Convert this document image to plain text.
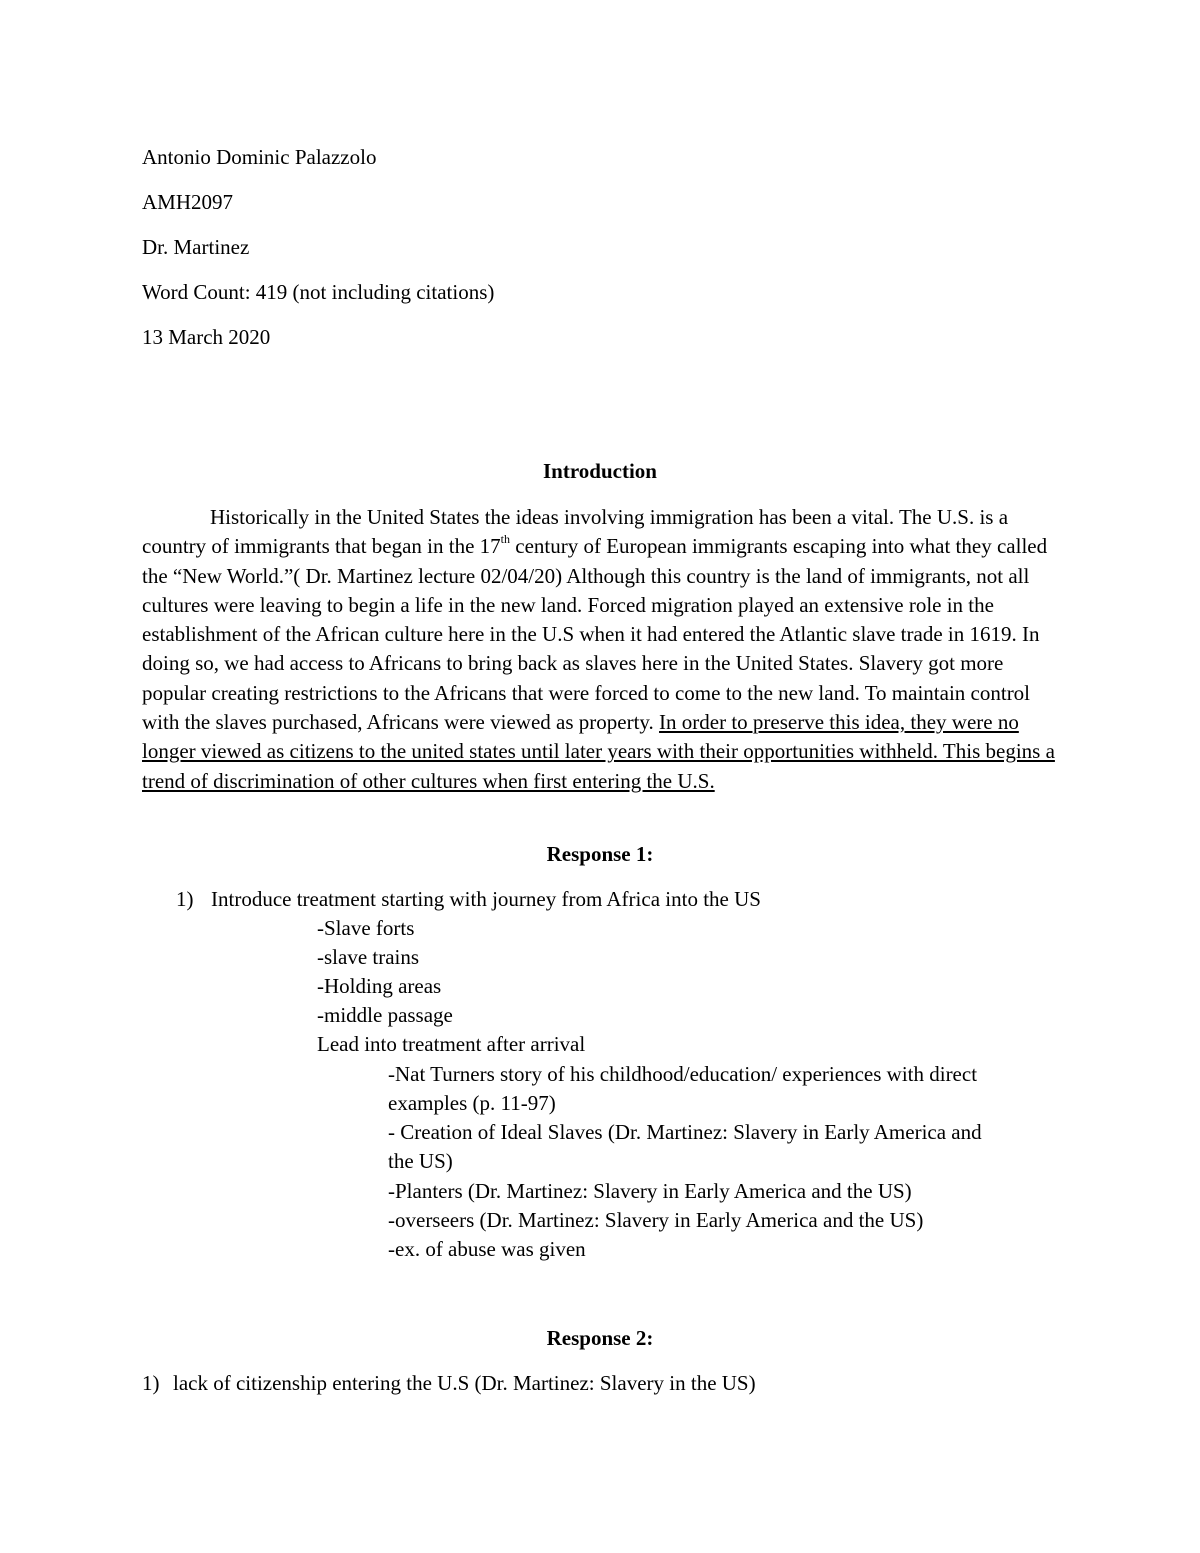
Antonio Dominic Palazzolo

AMH2097

Dr. Martinez

Word Count: 419 (not including citations)

13 March 2020

Introduction

Historically in the United States the ideas involving immigration has been a vital. The U.S. is a country of immigrants that began in the 17th century of European immigrants escaping into what they called the “New World.”( Dr. Martinez lecture 02/04/20) Although this country is the land of immigrants, not all cultures were leaving to begin a life in the new land. Forced migration played an extensive role in the establishment of the African culture here in the U.S when it had entered the Atlantic slave trade in 1619. In doing so, we had access to Africans to bring back as slaves here in the United States. Slavery got more popular creating restrictions to the Africans that were forced to come to the new land. To maintain control with the slaves purchased, Africans were viewed as property. In order to preserve this idea, they were no longer viewed as citizens to the united states until later years with their opportunities withheld. This begins a trend of discrimination of other cultures when first entering the U.S.

Response 1:

1) Introduce treatment starting with journey from Africa into the US
-Slave forts
-slave trains
-Holding areas
-middle passage
Lead into treatment after arrival
-Nat Turners story of his childhood/education/ experiences with direct
examples (p. 11-97)
- Creation of Ideal Slaves (Dr. Martinez: Slavery in Early America and
the US)
-Planters (Dr. Martinez: Slavery in Early America and the US)
-overseers (Dr. Martinez: Slavery in Early America and the US)
-ex. of abuse was given

Response 2:

1) lack of citizenship entering the U.S (Dr. Martinez: Slavery in the US)
